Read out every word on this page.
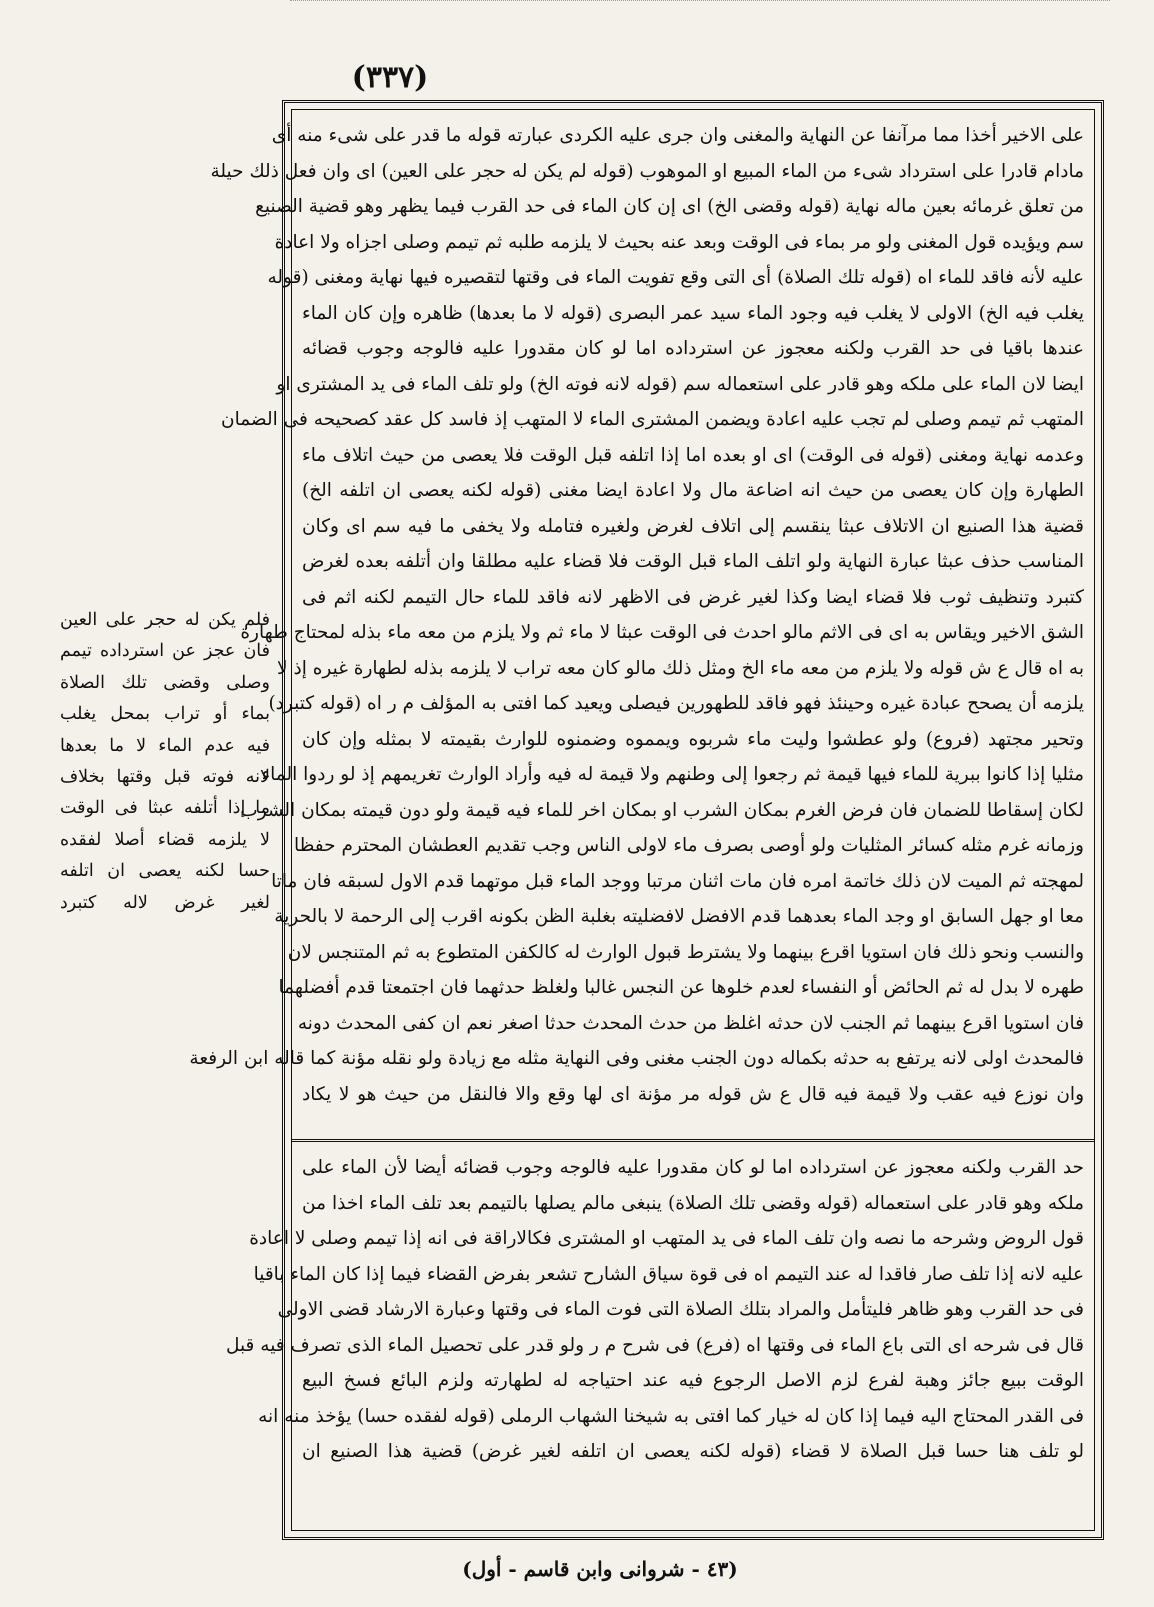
(٣٣٧)
فلم يكن له حجر على العين
فان عجز عن استرداده تيمم
وصلى وقضى تلك الصلاة
بماء أو تراب بمحل يغلب
فيه عدم الماء لا ما بعدها
لانه فوته قبل وقتها بخلاف
ما إذا أتلفه عبثا فى الوقت
لا يلزمه قضاء أصلا لفقده
حسا لكنه يعصى ان اتلفه
لغير غرض لاله كتبرد
على الاخير أخذا مما مرآنفا عن النهاية والمغنى وان جرى عليه الكردى عبارته قوله ما قدر على شىء منه أى
مادام قادرا على استرداد شىء من الماء المبيع او الموهوب (قوله لم يكن له حجر على العين) اى وان فعل ذلك حيلة
من تعلق غرمائه بعين ماله نهاية (قوله وقضى الخ) اى إن كان الماء فى حد القرب فيما يظهر وهو قضية الصنيع
سم ويؤيده قول المغنى ولو مر بماء فى الوقت وبعد عنه بحيث لا يلزمه طلبه ثم تيمم وصلى اجزاه ولا اعادة
عليه لأنه فاقد للماء اه (قوله تلك الصلاة) أى التى وقع تفويت الماء فى وقتها لتقصيره فيها نهاية ومغنى (قوله
يغلب فيه الخ) الاولى لا يغلب فيه وجود الماء سيد عمر البصرى (قوله لا ما بعدها) ظاهره وإن كان الماء
عندها باقيا فى حد القرب ولكنه معجوز عن استرداده اما لو كان مقدورا عليه فالوجه وجوب قضائه
ايضا لان الماء على ملكه وهو قادر على استعماله سم (قوله لانه فوته الخ) ولو تلف الماء فى يد المشترى او
المتهب ثم تيمم وصلى لم تجب عليه اعادة ويضمن المشترى الماء لا المتهب إذ فاسد كل عقد كصحيحه فى الضمان
وعدمه نهاية ومغنى (قوله فى الوقت) اى او بعده اما إذا اتلفه قبل الوقت فلا يعصى من حيث اتلاف ماء
الطهارة وإن كان يعصى من حيث انه اضاعة مال ولا اعادة ايضا مغنى (قوله لكنه يعصى ان اتلفه الخ)
قضية هذا الصنيع ان الاتلاف عبثا ينقسم إلى اتلاف لغرض ولغيره فتامله ولا يخفى ما فيه سم اى وكان
المناسب حذف عبثا عبارة النهاية ولو اتلف الماء قبل الوقت فلا قضاء عليه مطلقا وان أتلفه بعده لغرض
كتبرد وتنظيف ثوب فلا قضاء ايضا وكذا لغير غرض فى الاظهر لانه فاقد للماء حال التيمم لكنه اثم فى
الشق الاخير ويقاس به اى فى الاثم مالو احدث فى الوقت عبثا لا ماء ثم ولا يلزم من معه ماء بذله لمحتاج طهارة
به اه قال ع ش قوله ولا يلزم من معه ماء الخ ومثل ذلك مالو كان معه تراب لا يلزمه بذله لطهارة غيره إذ لا
يلزمه أن يصحح عبادة غيره وحينئذ فهو فاقد للطهورين فيصلى ويعيد كما افتى به المؤلف م ر اه (قوله كتبرد)
وتحير مجتهد (فروع) ولو عطشوا وليت ماء شربوه ويمموه وضمنوه للوارث بقيمته لا بمثله وإن كان
مثليا إذا كانوا ببرية للماء فيها قيمة ثم رجعوا إلى وطنهم ولا قيمة له فيه وأراد الوارث تغريمهم إذ لو ردوا الماء
لكان إسقاطا للضمان فان فرض الغرم بمكان الشرب او بمكان اخر للماء فيه قيمة ولو دون قيمته بمكان الشرب
وزمانه غرم مثله كسائر المثليات ولو أوصى بصرف ماء لاولى الناس وجب تقديم العطشان المحترم حفظا
لمهجته ثم الميت لان ذلك خاتمة امره فان مات اثنان مرتبا ووجد الماء قبل موتهما قدم الاول لسبقه فان ماتا
معا او جهل السابق او وجد الماء بعدهما قدم الافضل لافضليته بغلبة الظن بكونه اقرب إلى الرحمة لا بالحرية
والنسب ونحو ذلك فان استويا اقرع بينهما ولا يشترط قبول الوارث له كالكفن المتطوع به ثم المتنجس لان
طهره لا بدل له ثم الحائض أو النفساء لعدم خلوها عن النجس غالبا ولغلظ حدثهما فان اجتمعتا قدم أفضلهما
فان استويا اقرع بينهما ثم الجنب لان حدثه اغلظ من حدث المحدث حدثا اصغر نعم ان كفى المحدث دونه
فالمحدث اولى لانه يرتفع به حدثه بكماله دون الجنب مغنى وفى النهاية مثله مع زيادة ولو نقله مؤنة كما قاله ابن الرفعة
وان نوزع فيه عقب ولا قيمة فيه قال ع ش قوله مر مؤنة اى لها وقع والا فالنقل من حيث هو لا يكاد
حد القرب ولكنه معجوز عن استرداده اما لو كان مقدورا عليه فالوجه وجوب قضائه أيضا لأن الماء على
ملكه وهو قادر على استعماله (قوله وقضى تلك الصلاة) ينبغى مالم يصلها بالتيمم بعد تلف الماء اخذا من
قول الروض وشرحه ما نصه وان تلف الماء فى يد المتهب او المشترى فكالاراقة فى انه إذا تيمم وصلى لا اعادة
عليه لانه إذا تلف صار فاقدا له عند التيمم اه فى قوة سياق الشارح تشعر بفرض القضاء فيما إذا كان الماء باقيا
فى حد القرب وهو ظاهر فليتأمل والمراد بتلك الصلاة التى فوت الماء فى وقتها وعبارة الارشاد قضى الاولى
قال فى شرحه اى التى باع الماء فى وقتها اه (فرع) فى شرح م ر ولو قدر على تحصيل الماء الذى تصرف فيه قبل
الوقت ببيع جائز وهبة لفرع لزم الاصل الرجوع فيه عند احتياجه له لطهارته ولزم البائع فسخ البيع
فى القدر المحتاج اليه فيما إذا كان له خيار كما افتى به شيخنا الشهاب الرملى (قوله لفقده حسا) يؤخذ منه انه
لو تلف هنا حسا قبل الصلاة لا قضاء (قوله لكنه يعصى ان اتلفه لغير غرض) قضية هذا الصنيع ان
(٤٣ - شروانى وابن قاسم - أول)
